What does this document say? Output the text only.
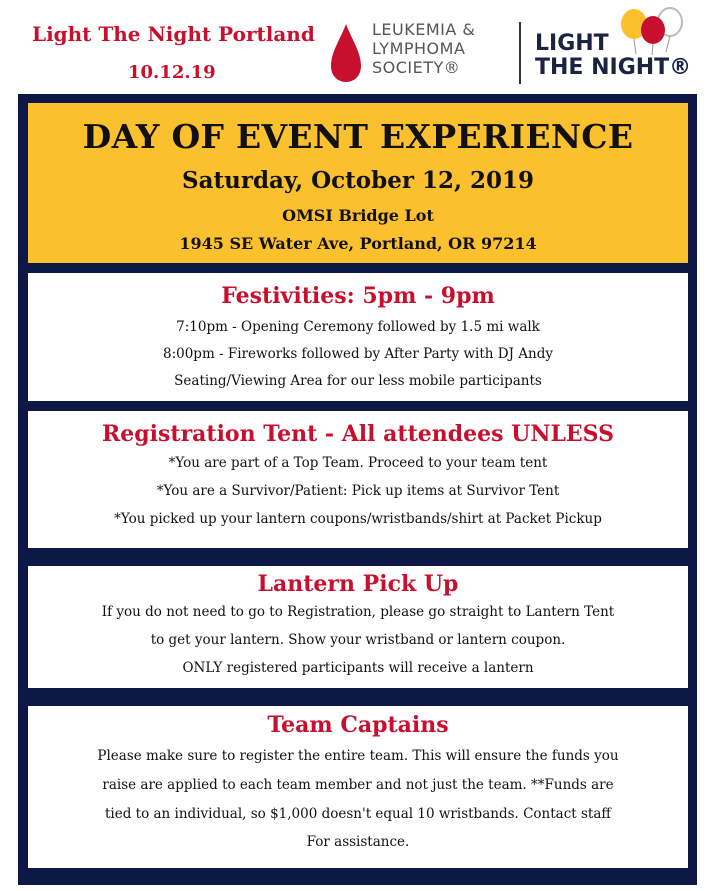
Light The Night Portland
10.12.19
LEUKEMIA &
LYMPHOMA
SOCIETY®
LIGHT
THE NIGHT®
DAY OF EVENT EXPERIENCE
Saturday, October 12, 2019
OMSI Bridge Lot
1945 SE Water Ave, Portland, OR 97214
Festivities: 5pm - 9pm
7:10pm - Opening Ceremony followed by 1.5 mi walk
8:00pm - Fireworks followed by After Party with DJ Andy
Seating/Viewing Area for our less mobile participants
Registration Tent - All attendees UNLESS
*You are part of a Top Team. Proceed to your team tent
*You are a Survivor/Patient: Pick up items at Survivor Tent
*You picked up your lantern coupons/wristbands/shirt at Packet Pickup
Lantern Pick Up
If you do not need to go to Registration, please go straight to Lantern Tent
to get your lantern. Show your wristband or lantern coupon.
ONLY registered participants will receive a lantern
Team Captains
Please make sure to register the entire team. This will ensure the funds you
raise are applied to each team member and not just the team. **Funds are
tied to an individual, so $1,000 doesn't equal 10 wristbands. Contact staff
For assistance.
